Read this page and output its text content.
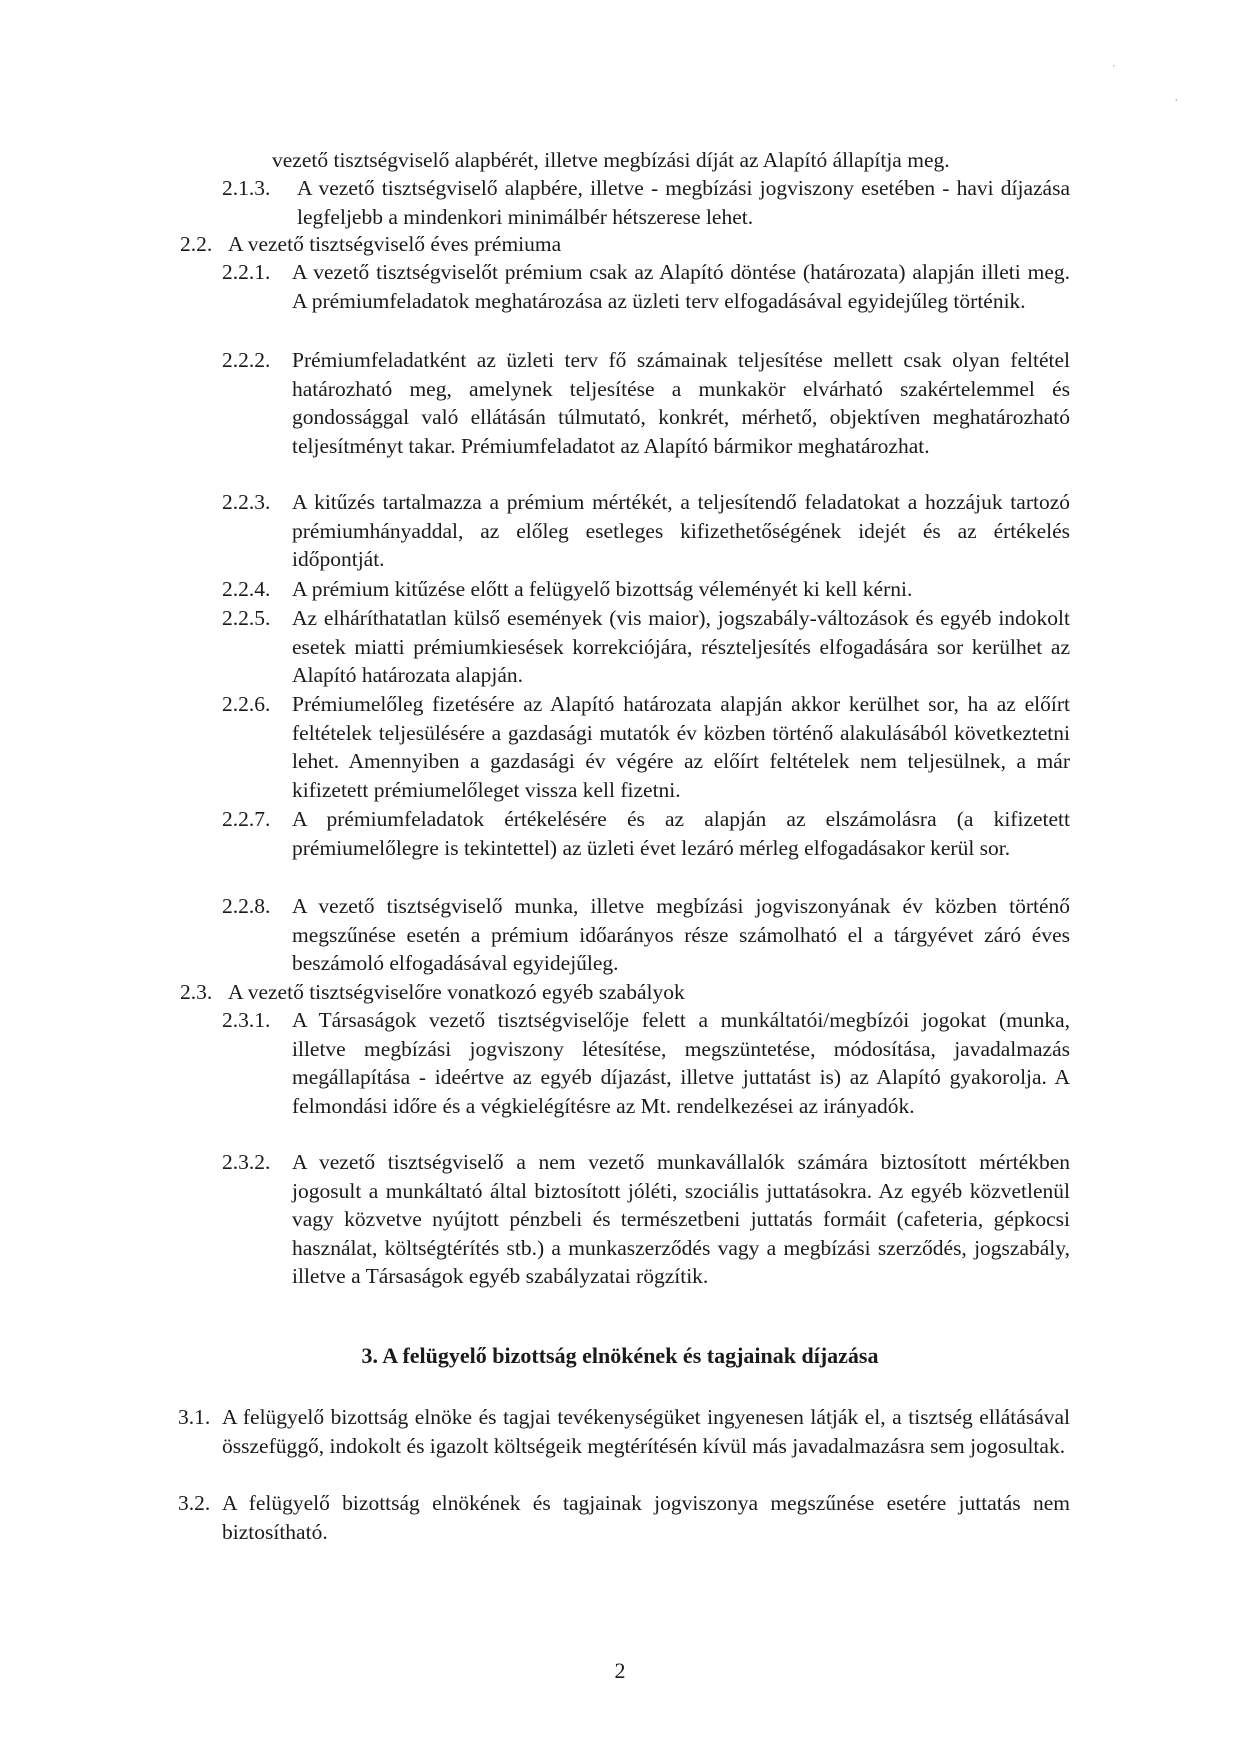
vezető tisztségviselő alapbérét, illetve megbízási díját az Alapító állapítja meg.

2.1.3. A vezető tisztségviselő alapbére, illetve - megbízási jogviszony esetében - havi díjazása legfeljebb a mindenkori minimálbér hétszerese lehet.
2.2. A vezető tisztségviselő éves prémiuma
2.2.1. A vezető tisztségviselőt prémium csak az Alapító döntése (határozata) alapján illeti meg. A prémiumfeladatok meghatározása az üzleti terv elfogadásával egyidejűleg történik.
2.2.2. Prémiumfeladatként az üzleti terv fő számainak teljesítése mellett csak olyan feltétel határozható meg, amelynek teljesítése a munkakör elvárható szakértelemmel és gondossággal való ellátásán túlmutató, konkrét, mérhető, objektíven meghatározható teljesítményt takar. Prémiumfeladatot az Alapító bármikor meghatározhat.
2.2.3. A kitűzés tartalmazza a prémium mértékét, a teljesítendő feladatokat a hozzájuk tartozó prémiumhányaddal, az előleg esetleges kifizethetőségének idejét és az értékelés időpontját.
2.2.4. A prémium kitűzése előtt a felügyelő bizottság véleményét ki kell kérni.
2.2.5. Az elháríthatatlan külső események (vis maior), jogszabály-változások és egyéb indokolt esetek miatti prémiumkiesések korrekciójára, részteljesítés elfogadására sor kerülhet az Alapító határozata alapján.
2.2.6. Prémiumelőleg fizetésére az Alapító határozata alapján akkor kerülhet sor, ha az előírt feltételek teljesülésére a gazdasági mutatók év közben történő alakulásából következtetni lehet. Amennyiben a gazdasági év végére az előírt feltételek nem teljesülnek, a már kifizetett prémiumelőleget vissza kell fizetni.
2.2.7. A prémiumfeladatok értékelésére és az alapján az elszámolásra (a kifizetett prémiumelőlegre is tekintettel) az üzleti évet lezáró mérleg elfogadásakor kerül sor.
2.2.8. A vezető tisztségviselő munka, illetve megbízási jogviszonyának év közben történő megszűnése esetén a prémium időarányos része számolható el a tárgyévet záró éves beszámoló elfogadásával egyidejűleg.
2.3. A vezető tisztségviselőre vonatkozó egyéb szabályok
2.3.1. A Társaságok vezető tisztségviselője felett a munkáltatói/megbízói jogokat (munka, illetve megbízási jogviszony létesítése, megszüntetése, módosítása, javadalmazás megállapítása - ideértve az egyéb díjazást, illetve juttatást is) az Alapító gyakorolja. A felmondási időre és a végkielégítésre az Mt. rendelkezései az irányadók.
2.3.2. A vezető tisztségviselő a nem vezető munkavállalók számára biztosított mértékben jogosult a munkáltató által biztosított jóléti, szociális juttatásokra. Az egyéb közvetlenül vagy közvetve nyújtott pénzbeli és természetbeni juttatás formáit (cafeteria, gépkocsi használat, költségtérítés stb.) a munkaszerződés vagy a megbízási szerződés, jogszabály, illetve a Társaságok egyéb szabályzatai rögzítik.
3. A felügyelő bizottság elnökének és tagjainak díjazása
3.1. A felügyelő bizottság elnöke és tagjai tevékenységüket ingyenesen látják el, a tisztség ellátásával összefüggő, indokolt és igazolt költségeik megtérítésén kívül más javadalmazásra sem jogosultak.
3.2. A felügyelő bizottság elnökének és tagjainak jogviszonya megszűnése esetére juttatás nem biztosítható.
2
'
,
